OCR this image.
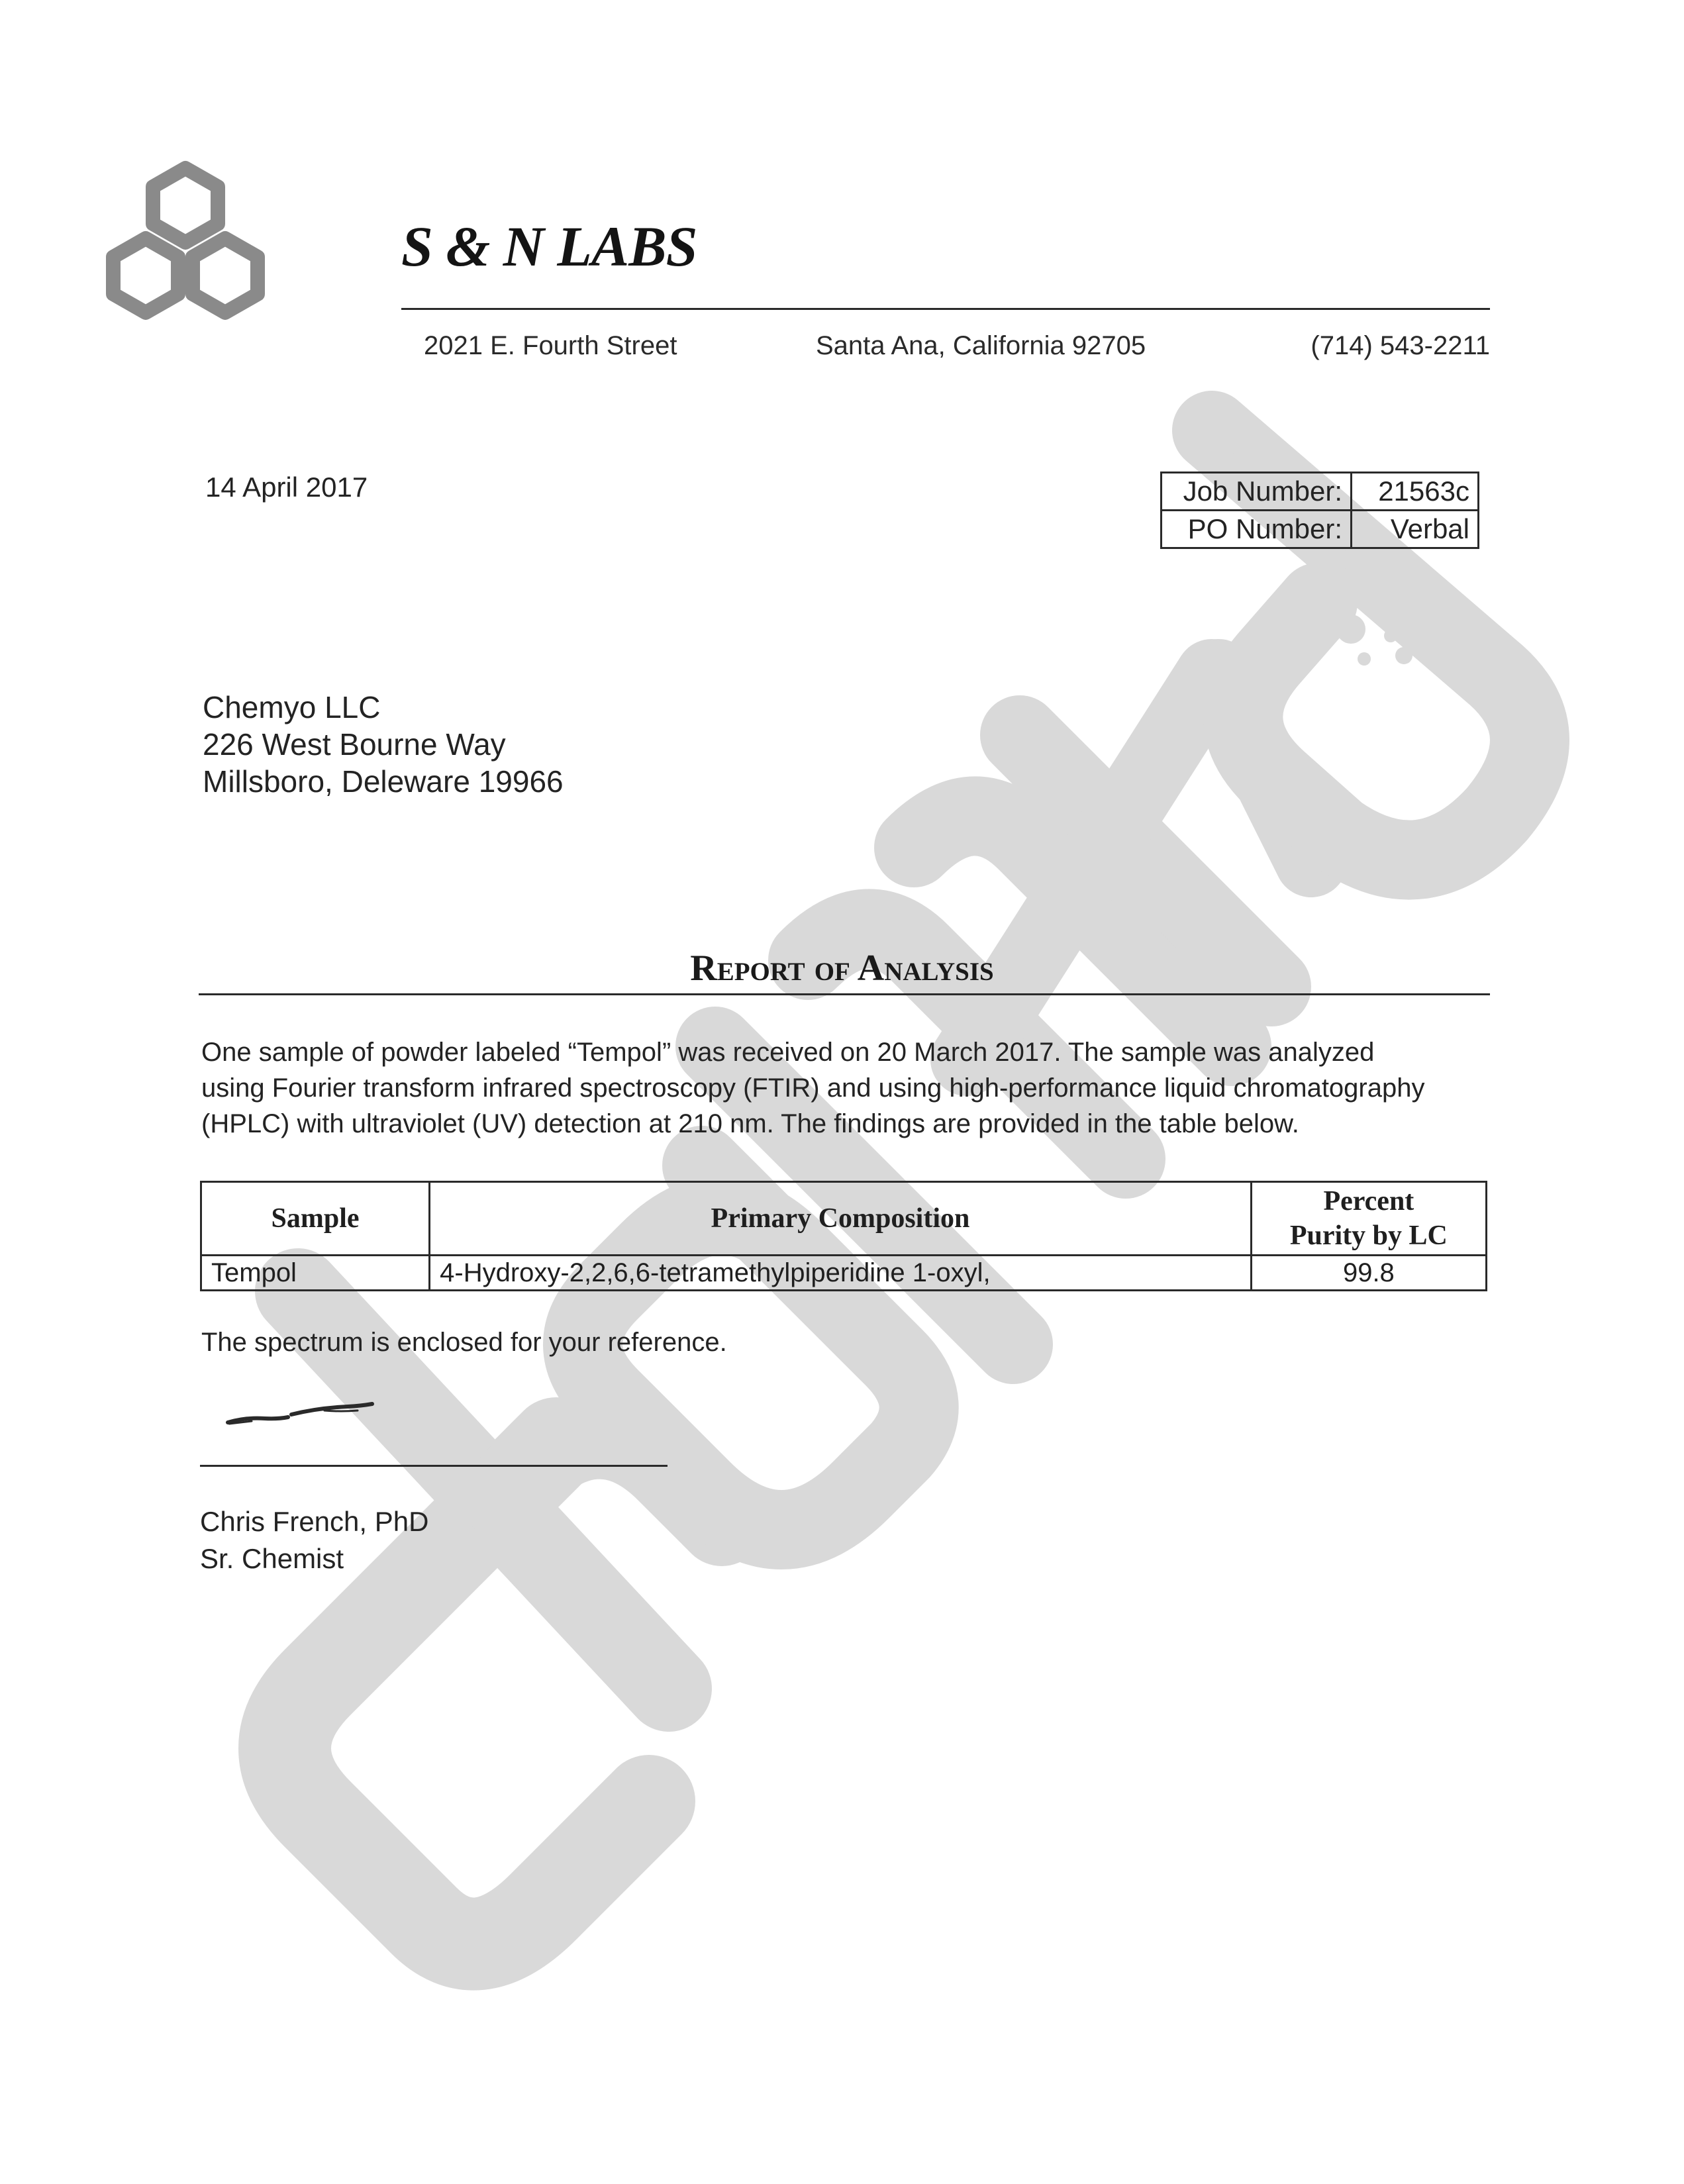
S & N LABS
2021 E. Fourth Street	Santa Ana, California 92705	(714) 543-2211
14 April 2017	Job Number:	21563c
PO Number:	Verbal
Chemyo LLC
226 West Bourne Way
Millsboro, Deleware 19966
Report of Analysis
One sample of powder labeled “Tempol” was received on 20 March 2017. The sample was analyzed
using Fourier transform infrared spectroscopy (FTIR) and using high-performance liquid chromatography
(HPLC) with ultraviolet (UV) detection at 210 nm. The findings are provided in the table below.
Sample	Primary Composition	Percent
Purity by LC

Tempol	4-Hydroxy-2,2,6,6-tetramethylpiperidine 1-oxyl,	99.8
The spectrum is enclosed for your reference.
Chris French, PhD
Sr. Chemist
